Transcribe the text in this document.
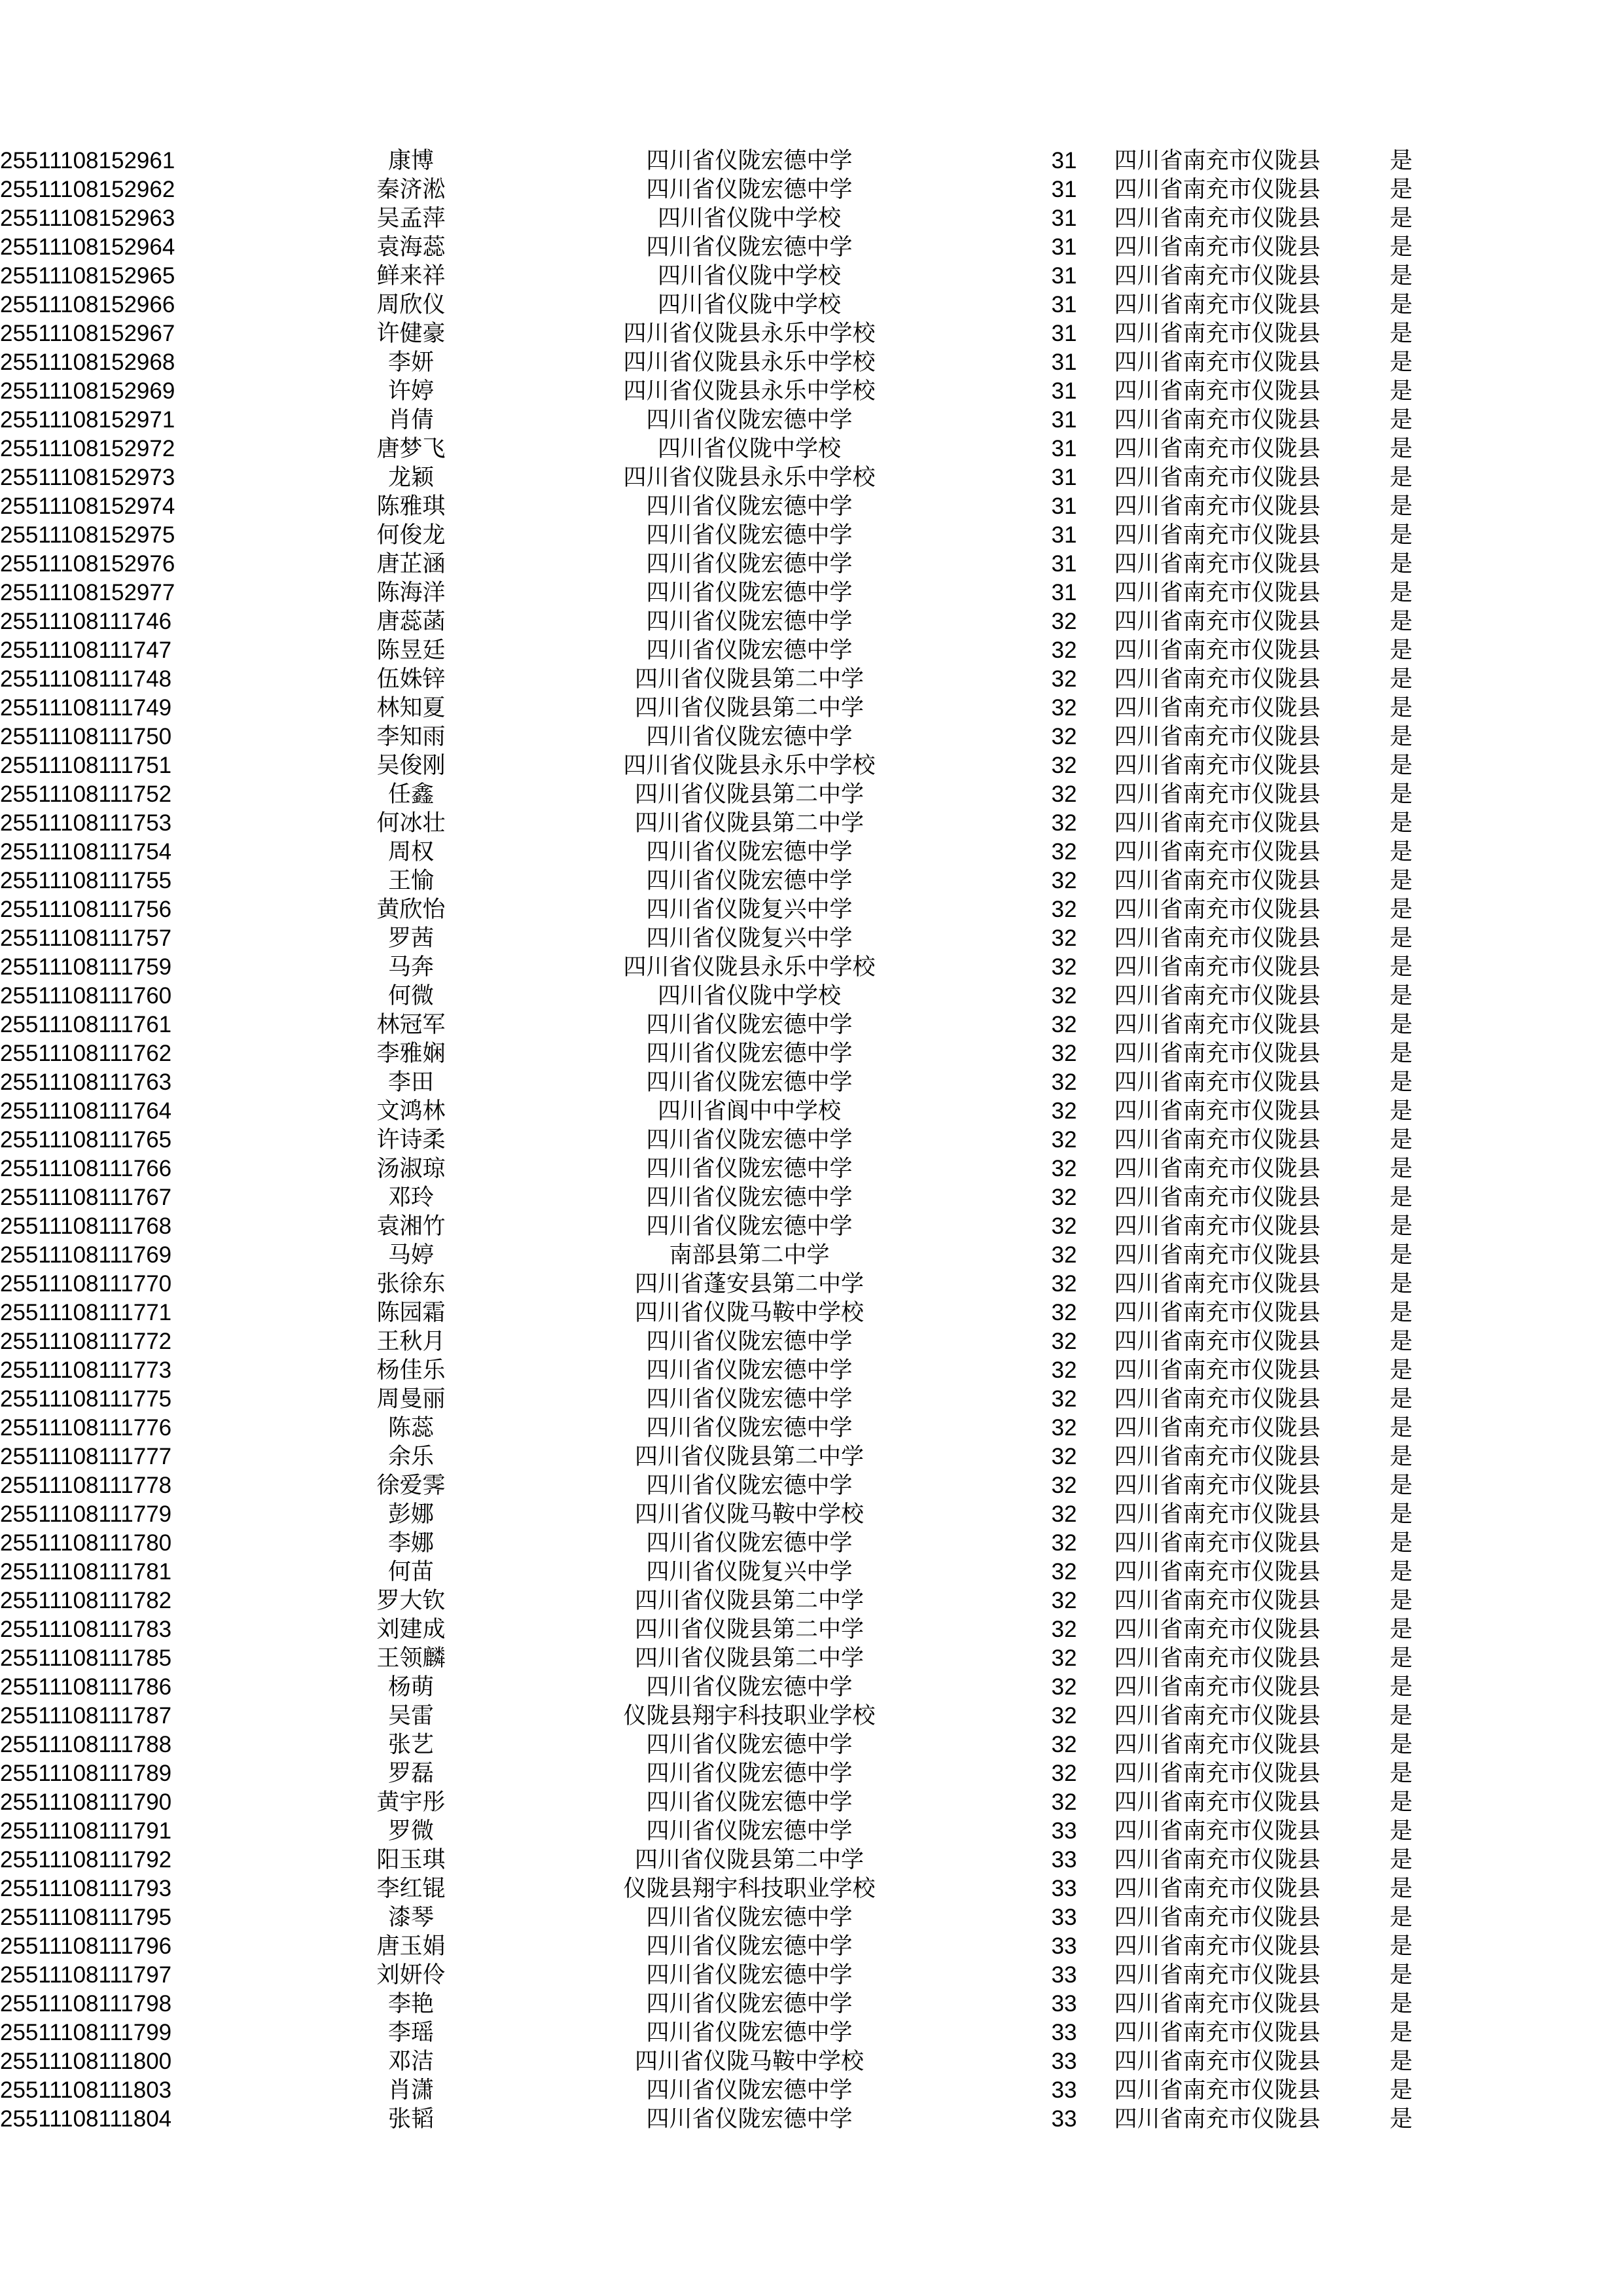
25511108152961	康博	四川省仪陇宏德中学	31	四川省南充市仪陇县	是
25511108152962	秦济淞	四川省仪陇宏德中学	31	四川省南充市仪陇县	是
25511108152963	吴孟萍	四川省仪陇中学校	31	四川省南充市仪陇县	是
25511108152964	袁海蕊	四川省仪陇宏德中学	31	四川省南充市仪陇县	是
25511108152965	鲜来祥	四川省仪陇中学校	31	四川省南充市仪陇县	是
25511108152966	周欣仪	四川省仪陇中学校	31	四川省南充市仪陇县	是
25511108152967	许健豪	四川省仪陇县永乐中学校	31	四川省南充市仪陇县	是
25511108152968	李妍	四川省仪陇县永乐中学校	31	四川省南充市仪陇县	是
25511108152969	许婷	四川省仪陇县永乐中学校	31	四川省南充市仪陇县	是
25511108152971	肖倩	四川省仪陇宏德中学	31	四川省南充市仪陇县	是
25511108152972	唐梦飞	四川省仪陇中学校	31	四川省南充市仪陇县	是
25511108152973	龙颖	四川省仪陇县永乐中学校	31	四川省南充市仪陇县	是
25511108152974	陈雅琪	四川省仪陇宏德中学	31	四川省南充市仪陇县	是
25511108152975	何俊龙	四川省仪陇宏德中学	31	四川省南充市仪陇县	是
25511108152976	唐芷涵	四川省仪陇宏德中学	31	四川省南充市仪陇县	是
25511108152977	陈海洋	四川省仪陇宏德中学	31	四川省南充市仪陇县	是
25511108111746	唐蕊菡	四川省仪陇宏德中学	32	四川省南充市仪陇县	是
25511108111747	陈昱廷	四川省仪陇宏德中学	32	四川省南充市仪陇县	是
25511108111748	伍姝锌	四川省仪陇县第二中学	32	四川省南充市仪陇县	是
25511108111749	林知夏	四川省仪陇县第二中学	32	四川省南充市仪陇县	是
25511108111750	李知雨	四川省仪陇宏德中学	32	四川省南充市仪陇县	是
25511108111751	吴俊刚	四川省仪陇县永乐中学校	32	四川省南充市仪陇县	是
25511108111752	任鑫	四川省仪陇县第二中学	32	四川省南充市仪陇县	是
25511108111753	何冰壮	四川省仪陇县第二中学	32	四川省南充市仪陇县	是
25511108111754	周权	四川省仪陇宏德中学	32	四川省南充市仪陇县	是
25511108111755	王愉	四川省仪陇宏德中学	32	四川省南充市仪陇县	是
25511108111756	黄欣怡	四川省仪陇复兴中学	32	四川省南充市仪陇县	是
25511108111757	罗茜	四川省仪陇复兴中学	32	四川省南充市仪陇县	是
25511108111759	马奔	四川省仪陇县永乐中学校	32	四川省南充市仪陇县	是
25511108111760	何微	四川省仪陇中学校	32	四川省南充市仪陇县	是
25511108111761	林冠军	四川省仪陇宏德中学	32	四川省南充市仪陇县	是
25511108111762	李雅娴	四川省仪陇宏德中学	32	四川省南充市仪陇县	是
25511108111763	李田	四川省仪陇宏德中学	32	四川省南充市仪陇县	是
25511108111764	文鸿林	四川省阆中中学校	32	四川省南充市仪陇县	是
25511108111765	许诗柔	四川省仪陇宏德中学	32	四川省南充市仪陇县	是
25511108111766	汤淑琼	四川省仪陇宏德中学	32	四川省南充市仪陇县	是
25511108111767	邓玲	四川省仪陇宏德中学	32	四川省南充市仪陇县	是
25511108111768	袁湘竹	四川省仪陇宏德中学	32	四川省南充市仪陇县	是
25511108111769	马婷	南部县第二中学	32	四川省南充市仪陇县	是
25511108111770	张徐东	四川省蓬安县第二中学	32	四川省南充市仪陇县	是
25511108111771	陈园霜	四川省仪陇马鞍中学校	32	四川省南充市仪陇县	是
25511108111772	王秋月	四川省仪陇宏德中学	32	四川省南充市仪陇县	是
25511108111773	杨佳乐	四川省仪陇宏德中学	32	四川省南充市仪陇县	是
25511108111775	周曼丽	四川省仪陇宏德中学	32	四川省南充市仪陇县	是
25511108111776	陈蕊	四川省仪陇宏德中学	32	四川省南充市仪陇县	是
25511108111777	余乐	四川省仪陇县第二中学	32	四川省南充市仪陇县	是
25511108111778	徐爱霁	四川省仪陇宏德中学	32	四川省南充市仪陇县	是
25511108111779	彭娜	四川省仪陇马鞍中学校	32	四川省南充市仪陇县	是
25511108111780	李娜	四川省仪陇宏德中学	32	四川省南充市仪陇县	是
25511108111781	何苗	四川省仪陇复兴中学	32	四川省南充市仪陇县	是
25511108111782	罗大钦	四川省仪陇县第二中学	32	四川省南充市仪陇县	是
25511108111783	刘建成	四川省仪陇县第二中学	32	四川省南充市仪陇县	是
25511108111785	王领麟	四川省仪陇县第二中学	32	四川省南充市仪陇县	是
25511108111786	杨萌	四川省仪陇宏德中学	32	四川省南充市仪陇县	是
25511108111787	吴雷	仪陇县翔宇科技职业学校	32	四川省南充市仪陇县	是
25511108111788	张艺	四川省仪陇宏德中学	32	四川省南充市仪陇县	是
25511108111789	罗磊	四川省仪陇宏德中学	32	四川省南充市仪陇县	是
25511108111790	黄宇彤	四川省仪陇宏德中学	32	四川省南充市仪陇县	是
25511108111791	罗微	四川省仪陇宏德中学	33	四川省南充市仪陇县	是
25511108111792	阳玉琪	四川省仪陇县第二中学	33	四川省南充市仪陇县	是
25511108111793	李红锟	仪陇县翔宇科技职业学校	33	四川省南充市仪陇县	是
25511108111795	漆琴	四川省仪陇宏德中学	33	四川省南充市仪陇县	是
25511108111796	唐玉娟	四川省仪陇宏德中学	33	四川省南充市仪陇县	是
25511108111797	刘妍伶	四川省仪陇宏德中学	33	四川省南充市仪陇县	是
25511108111798	李艳	四川省仪陇宏德中学	33	四川省南充市仪陇县	是
25511108111799	李瑶	四川省仪陇宏德中学	33	四川省南充市仪陇县	是
25511108111800	邓洁	四川省仪陇马鞍中学校	33	四川省南充市仪陇县	是
25511108111803	肖潇	四川省仪陇宏德中学	33	四川省南充市仪陇县	是
25511108111804	张韬	四川省仪陇宏德中学	33	四川省南充市仪陇县	是
